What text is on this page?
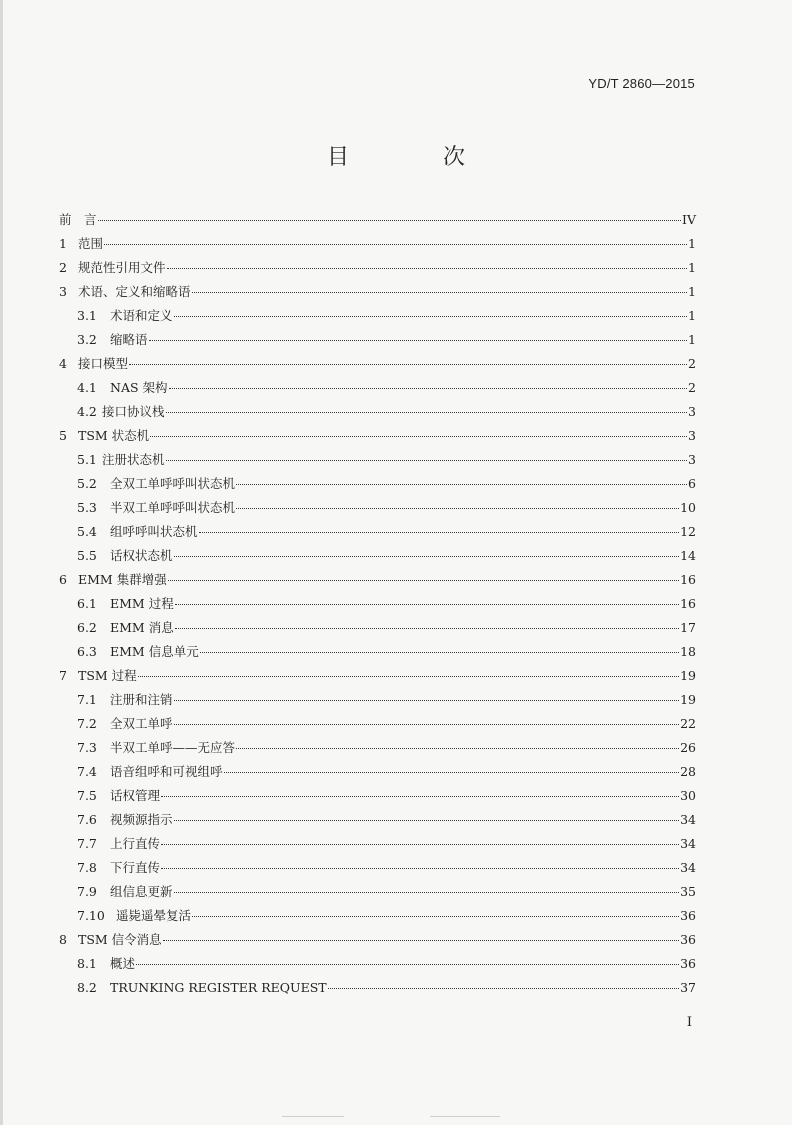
YD/T 2860—2015
目　次
前　言	IV
1 范围	1
2 规范性引用文件	1
3 术语、定义和缩略语	1
3.1	术语和定义	1
3.2	缩略语	1
4 接口模型	2
4.1	NAS 架构	2
4.2 接口协议栈	3
5 TSM 状态机	3
5.1 注册状态机	3
5.2	全双工单呼呼叫状态机	6
5.3	半双工单呼呼叫状态机	10
5.4	组呼呼叫状态机	12
5.5	话权状态机	14
6 EMM 集群增强	16
6.1	EMM 过程	16
6.2	EMM 消息	17
6.3	EMM 信息单元	18
7 TSM 过程	19
7.1	注册和注销	19
7.2	全双工单呼	22
7.3	半双工单呼——无应答	26
7.4	语音组呼和可视组呼	28
7.5	话权管理	30
7.6	视频源指示	34
7.7	上行直传	34
7.8	下行直传	34
7.9	组信息更新	35
7.10 遥毙遥晕复活	36
8 TSM 信令消息	36
8.1	概述	36
8.2	TRUNKING REGISTER REQUEST	37
I
